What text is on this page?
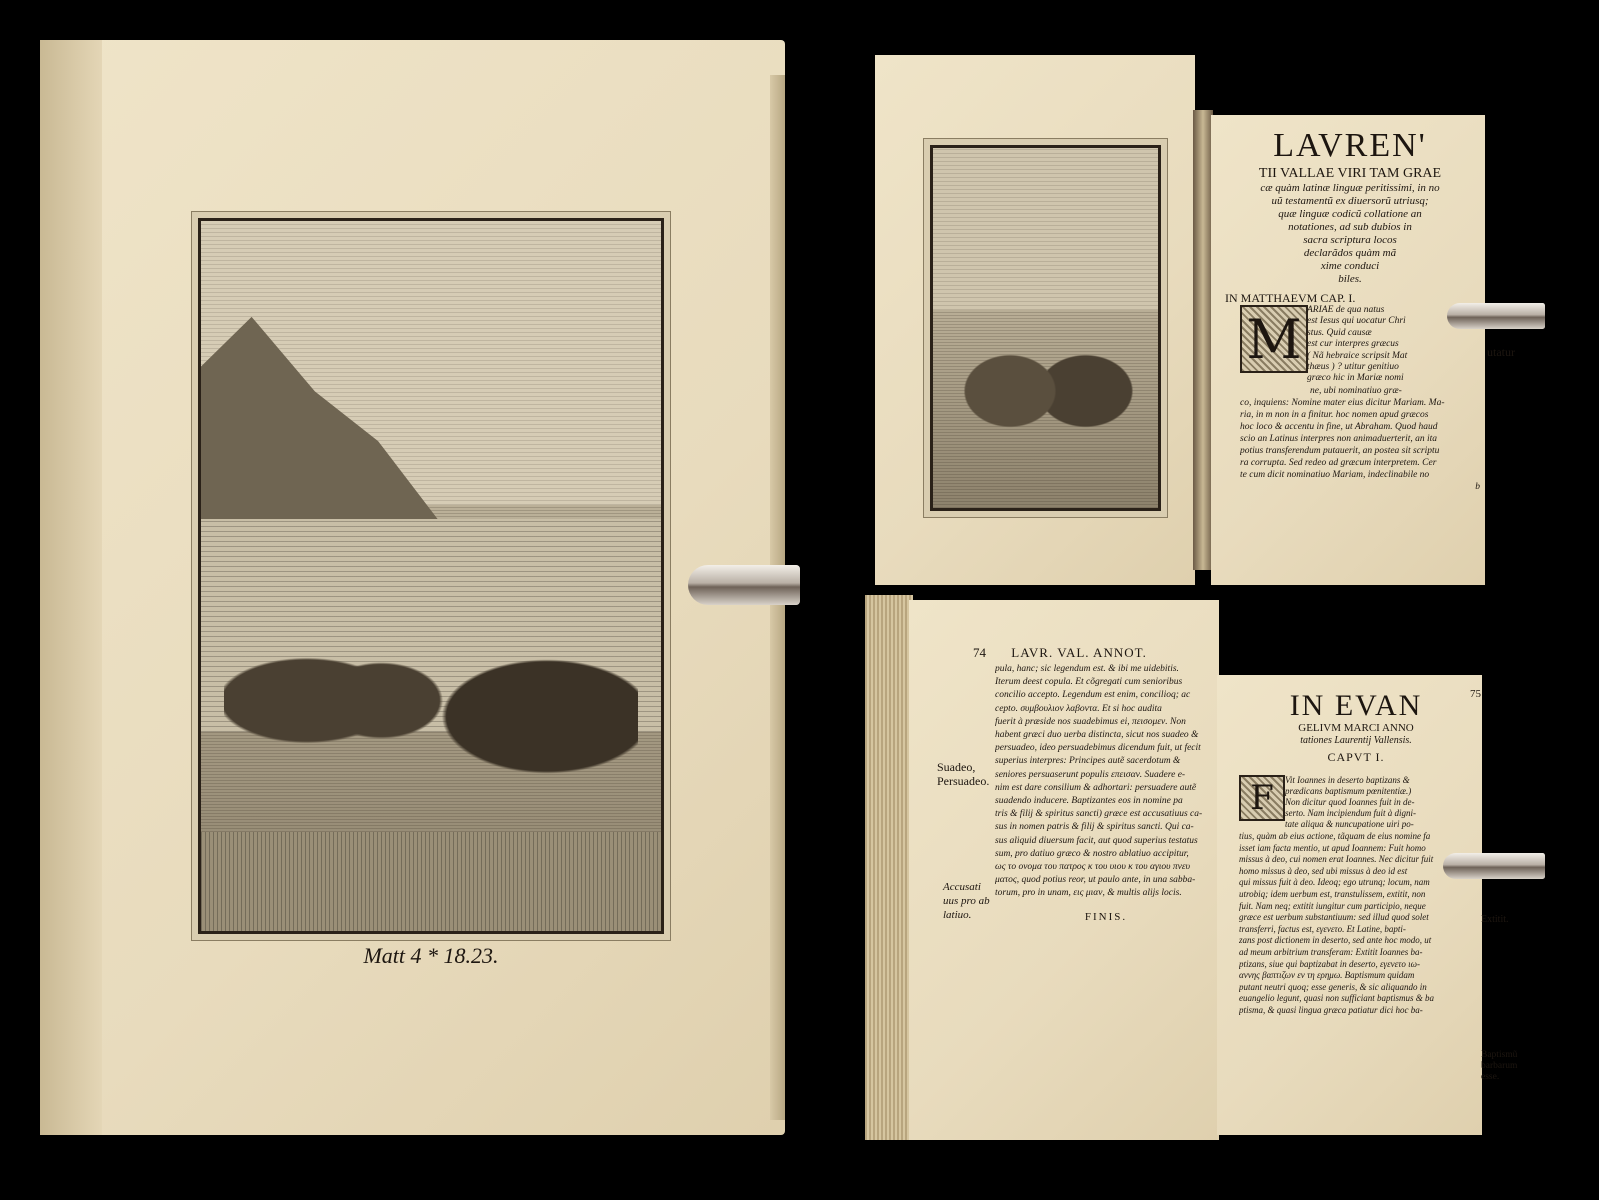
Matt 4 * 18.23.
LAVREN'
TII VALLAE VIRI TAM GRAE
cæ quàm latinæ linguæ peritissimi, in no
uũ testamentũ ex diuersorũ utriusq;
quæ linguæ codicũ collatione an
notationes, ad sub dubios in
sacra scriptura locos
declarãdos quàm mã
xime conduci
biles.
IN MATTHAEVM CAP. I.
M ARIAE de qua natus
est Iesus qui uocatur Chri
stus. Quid causæ
est cur interpres græcus
( Nã hebraice scripsit Mat
thæus ) ? utitur genitiuo
græco hic in Mariæ nomi
ne, ubi nominatiuo græ-
co, inquiens: Nomine mater eius dicitur Mariam. Ma-
ria, in m non in a finitur. hoc nomen apud græcos
hoc loco & accentu in fine, ut Abraham. Quod haud
scio an Latinus interpres non animaduerterit, an ita
potius transferendum putauerit, an postea sit scriptu
ra corrupta. Sed redeo ad græcum interpretem. Cer
te cum dicit nominatiuo Mariam, indeclinabile no
b
utatur
74 LAVR. VAL. ANNOT.
pula, hanc; sic legendum est. & ibi me uidebitis.
Iterum deest copula. Et cõgregati cum senioribus
concilio accepto. Legendum est enim, concilioq; ac
cepto. συμβουλιον λαβοντα. Et si hoc audita
fuerit à præside nos suadebimus ei, πεισομεν. Non
habent græci duo uerba distincta, sicut nos suadeo &
persuadeo, ideo persuadebimus dicendum fuit, ut fecit
superius interpres: Principes autẽ sacerdotum &
seniores persuaserunt populis επεισαν. Suadere e-
nim est dare consilium & adhortari: persuadere autẽ
suadendo inducere. Baptizantes eos in nomine pa
tris & filij & spiritus sancti) græce est accusatiuus ca-
sus in nomen patris & filij & spiritus sancti. Qui ca-
sus aliquid diuersum facit, aut quod superius testatus
sum, pro datiuo græco & nostro ablatiuo accipitur,
ως το ονομα του πατρος κ του υιου κ του αγιου πνευ
ματος, quod potius reor, ut paulo ante, in una sabba-
torum, pro in unam, εις μιαν, & multis alijs locis.
FINIS.
Suadeo,
Persuadeo.
Accusati
uus pro ab
latiuo.
IN EVAN	75
GELIVM MARCI ANNO
tationes Laurentij Vallensis.
CAPVT I.
F	Vit Ioannes in deserto baptizans &
prædicans baptismum pœnitentiæ.)
Non dicitur quod Ioannes fuit in de-
serto. Nam incipiendum fuit à digni-
tate aliqua & nuncupatione uiri po-
tius, quàm ab eius actione, tãquam de eius nomine fa
isset iam facta mentio, ut apud Ioannem: Fuit homo
missus à deo, cui nomen erat Ioannes. Nec dicitur fuit
homo missus à deo, sed ubi missus à deo id est
qui missus fuit à deo. Ideoq; ego utrunq; locum, nam
utrobiq; idem uerbum est, transtulissem, extitit, non
fuit. Nam neq; extitit iungitur cum participio, neque
græce est uerbum substantiuum: sed illud quod solet
transferri, factus est, εγενετο. Et Latine, bapti-
zans post dictionem in deserto, sed ante hoc modo, ut
ad meum arbitrium transferam: Extitit Ioannes ba-
ptizans, siue qui baptizabat in deserto, εγενετο ιω-
αννης βαπτιζων εν τη ερημω. Baptismum quidam
putant neutri quoq; esse generis, & sic aliquando in
euangelio legunt, quasi non sufficiant baptismus & ba
ptisma, & quasi lingua græca patiatur dici hoc ba-
Extitit.
Baptismũ
barbarum
esse.
